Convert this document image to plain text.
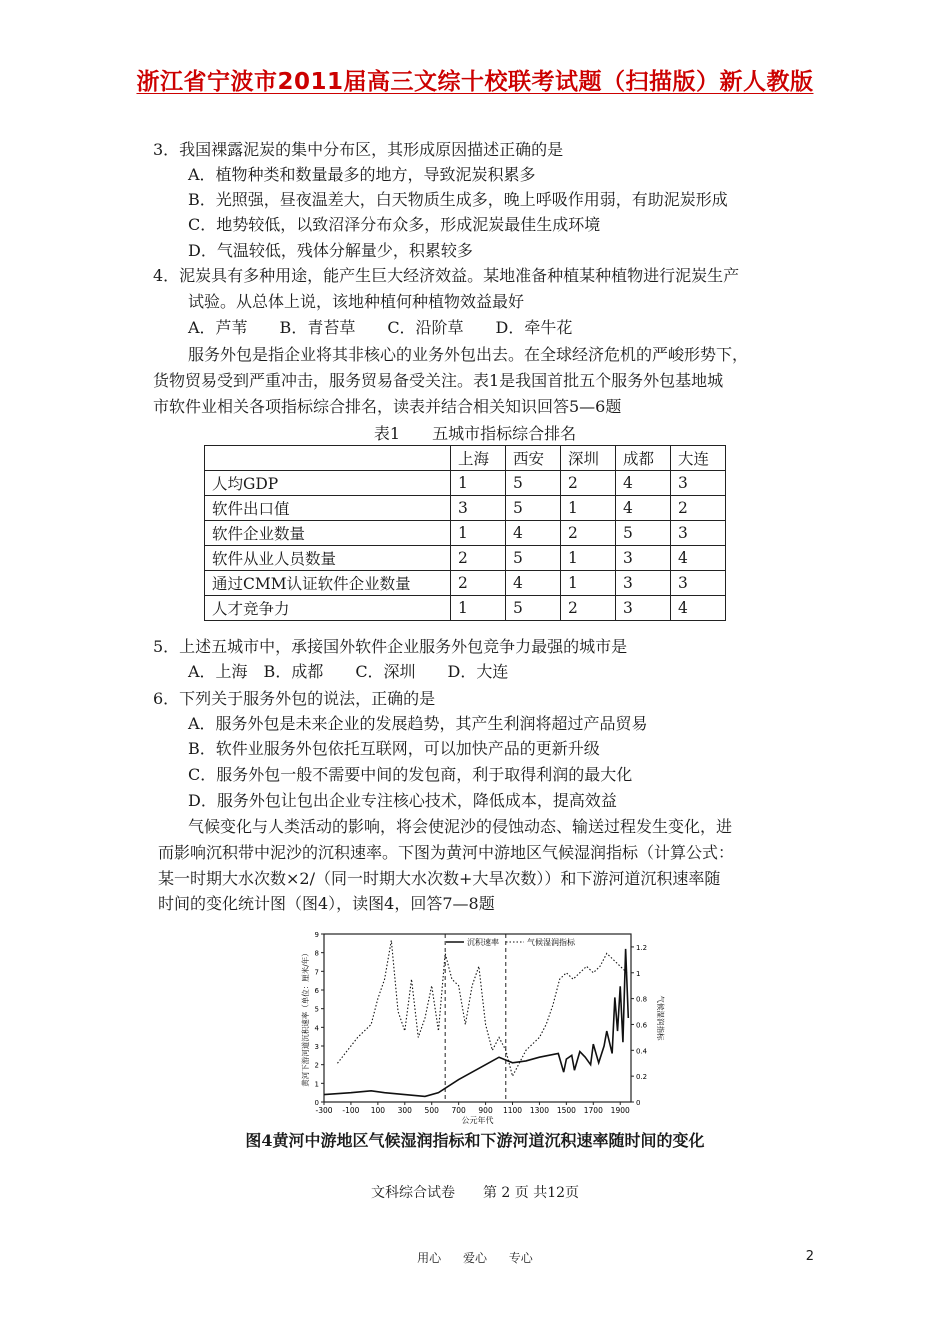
浙江省宁波市2011届高三文综十校联考试题（扫描版）新人教版
3．我国裸露泥炭的集中分布区，其形成原因描述正确的是
A．植物种类和数量最多的地方，导致泥炭积累多
B．光照强，昼夜温差大，白天物质生成多，晚上呼吸作用弱，有助泥炭形成
C．地势较低，以致沼泽分布众多，形成泥炭最佳生成环境
D．气温较低，残体分解量少，积累较多
4．泥炭具有多种用途，能产生巨大经济效益。某地准备种植某种植物进行泥炭生产
试验。从总体上说，该地种植何种植物效益最好
A．芦苇　　B．青苔草　　C．沿阶草　　D．牵牛花
服务外包是指企业将其非核心的业务外包出去。在全球经济危机的严峻形势下，
货物贸易受到严重冲击，服务贸易备受关注。表1是我国首批五个服务外包基地城
市软件业相关各项指标综合排名，读表并结合相关知识回答5—6题
表1　　五城市指标综合排名
	上海	西安	深圳	成都	大连
人均GDP	1	5	2	4	3
软件出口值	3	5	1	4	2
软件企业数量	1	4	2	5	3
软件从业人员数量	2	5	1	3	4
通过CMM认证软件企业数量	2	4	1	3	3
人才竞争力	1	5	2	3	4
5．上述五城市中，承接国外软件企业服务外包竞争力最强的城市是
A．上海　B．成都　　C．深圳　　D．大连
6．下列关于服务外包的说法，正确的是
A．服务外包是未来企业的发展趋势，其产生利润将超过产品贸易
B．软件业服务外包依托互联网，可以加快产品的更新升级
C．服务外包一般不需要中间的发包商，利于取得利润的最大化
D．服务外包让包出企业专注核心技术，降低成本，提高效益
气候变化与人类活动的影响，将会使泥沙的侵蚀动态、输送过程发生变化，进
而影响沉积带中泥沙的沉积速率。下图为黄河中游地区气候湿润指标（计算公式：
某一时期大水次数×2/（同一时期大水次数+大旱次数））和下游河道沉积速率随
时间的变化统计图（图4），读图4，回答7—8题
0
1
2
3
4
5
6
7
8
9
0
0.2
0.4
0.6
0.8
1
1.2
-300 -100 100 300 500 700 900 1100 1300 1500 1700 1900
公元年代
黄河下游河道沉积速率（单位：厘米/年）	气候湿润指标
沉积速率	气候湿润指标
图4黄河中游地区气候湿润指标和下游河道沉积速率随时间的变化
文科综合试卷　　第 2 页 共12页
用心 爱心 专心	2
